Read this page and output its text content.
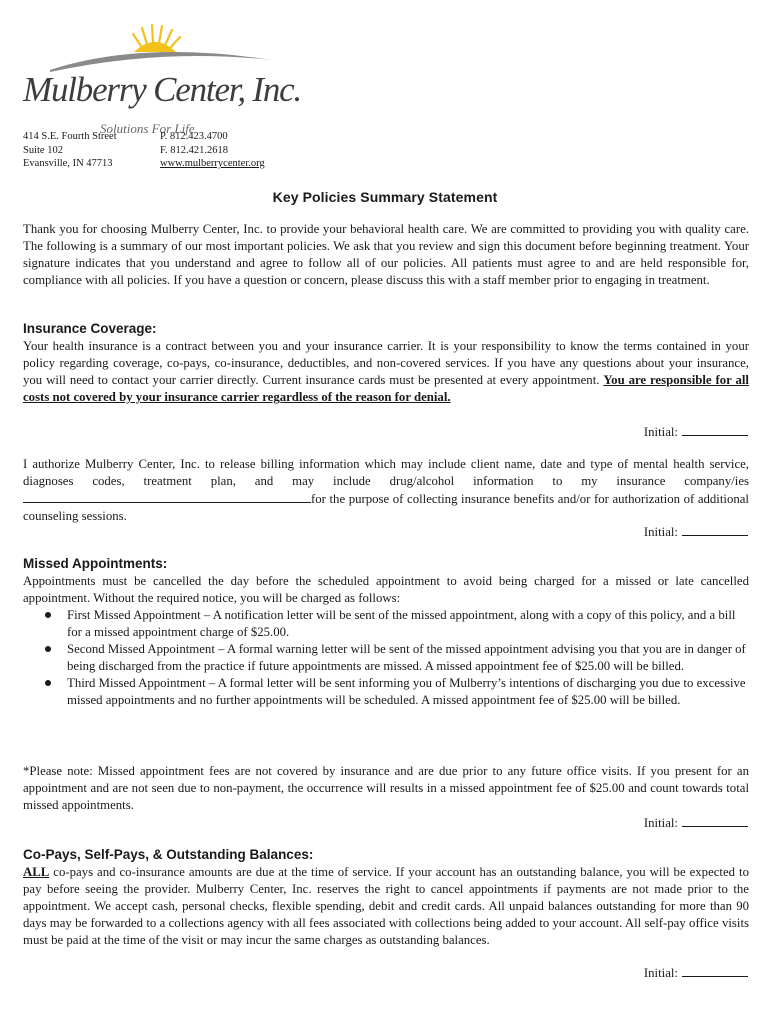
Mulberry Center, Inc.
Solutions For Life
414 S.E. Fourth Street
Suite 102
Evansville, IN 47713
P. 812.423.4700
F. 812.421.2618
www.mulberrycenter.org
Key Policies Summary Statement
Thank you for choosing Mulberry Center, Inc. to provide your behavioral health care. We are committed to providing you with quality care. The following is a summary of our most important policies. We ask that you review and sign this document before beginning treatment. Your signature indicates that you understand and agree to follow all of our policies. All patients must agree to and are held responsible for, compliance with all policies. If you have a question or concern, please discuss this with a staff member prior to engaging in treatment.
Insurance Coverage:
Your health insurance is a contract between you and your insurance carrier. It is your responsibility to know the terms contained in your policy regarding coverage, co-pays, co-insurance, deductibles, and non-covered services. If you have any questions about your insurance, you will need to contact your carrier directly. Current insurance cards must be presented at every appointment. You are responsible for all costs not covered by your insurance carrier regardless of the reason for denial.
Initial:
I authorize Mulberry Center, Inc. to release billing information which may include client name, date and type of mental health service, diagnoses codes, treatment plan, and may include drug/alcohol information to my insurance company/ies for the purpose of collecting insurance benefits and/or for authorization of additional counseling sessions.
Initial:
Missed Appointments:
Appointments must be cancelled the day before the scheduled appointment to avoid being charged for a missed or late cancelled appointment. Without the required notice, you will be charged as follows:
First Missed Appointment – A notification letter will be sent of the missed appointment, along with a copy of this policy, and a bill for a missed appointment charge of $25.00.
Second Missed Appointment – A formal warning letter will be sent of the missed appointment advising you that you are in danger of being discharged from the practice if future appointments are missed. A missed appointment fee of $25.00 will be billed.
Third Missed Appointment – A formal letter will be sent informing you of Mulberry’s intentions of discharging you due to excessive missed appointments and no further appointments will be scheduled. A missed appointment fee of $25.00 will be billed.
*Please note: Missed appointment fees are not covered by insurance and are due prior to any future office visits. If you present for an appointment and are not seen due to non-payment, the occurrence will results in a missed appointment fee of $25.00 and count towards total missed appointments.
Initial:
Co-Pays, Self-Pays, & Outstanding Balances:
ALL co-pays and co-insurance amounts are due at the time of service. If your account has an outstanding balance, you will be expected to pay before seeing the provider. Mulberry Center, Inc. reserves the right to cancel appointments if payments are not made prior to the appointment. We accept cash, personal checks, flexible spending, debit and credit cards. All unpaid balances outstanding for more than 90 days may be forwarded to a collections agency with all fees associated with collections being added to your account. All self-pay office visits must be paid at the time of the visit or may incur the same charges as outstanding balances.
Initial:
